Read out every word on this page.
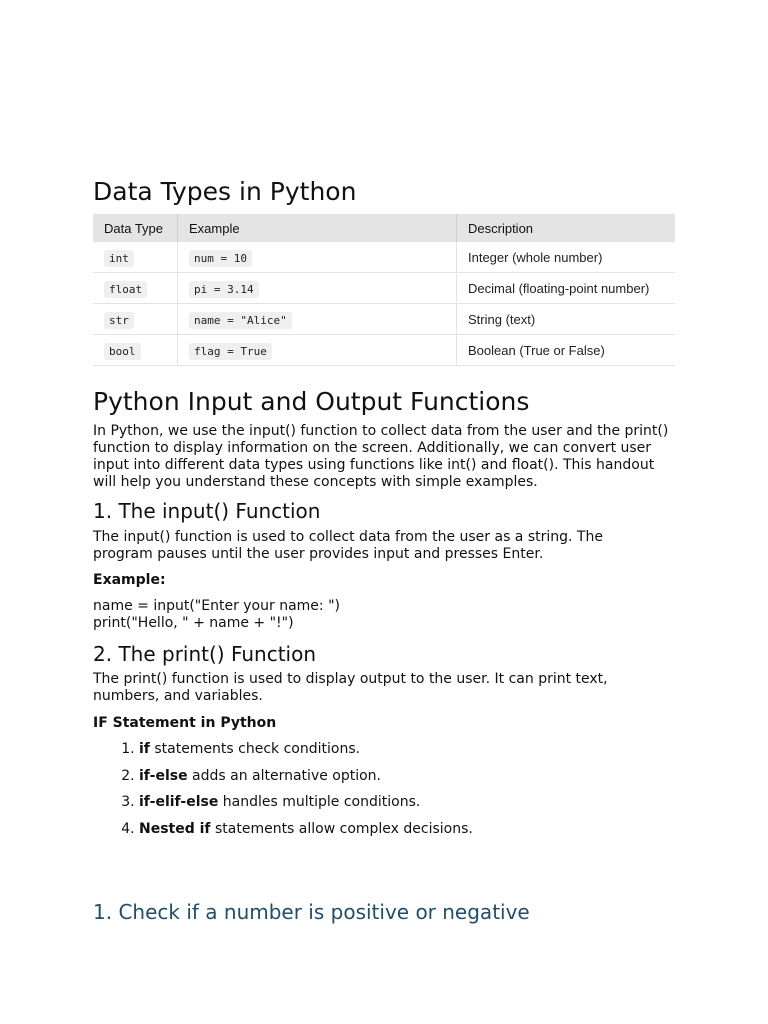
Data Types in Python
Data Type	Example	Description
int	num = 10	Integer (whole number)
float	pi = 3.14	Decimal (floating-point number)
str	name = "Alice"	String (text)
bool	flag = True	Boolean (True or False)
Python Input and Output Functions

In Python, we use the input() function to collect data from the user and the print() function to display information on the screen. Additionally, we can convert user input into different data types using functions like int() and float(). This handout will help you understand these concepts with simple examples.

1. The input() Function

The input() function is used to collect data from the user as a string. The program pauses until the user provides input and presses Enter.

Example:

name = input("Enter your name: ")

print("Hello, " + name + "!")

2. The print() Function

The print() function is used to display output to the user. It can print text, numbers, and variables.

IF Statement in Python

1. if statements check conditions.
2. if-else adds an alternative option.
3. if-elif-else handles multiple conditions.
4. Nested if statements allow complex decisions.
1. Check if a number is positive or negative
